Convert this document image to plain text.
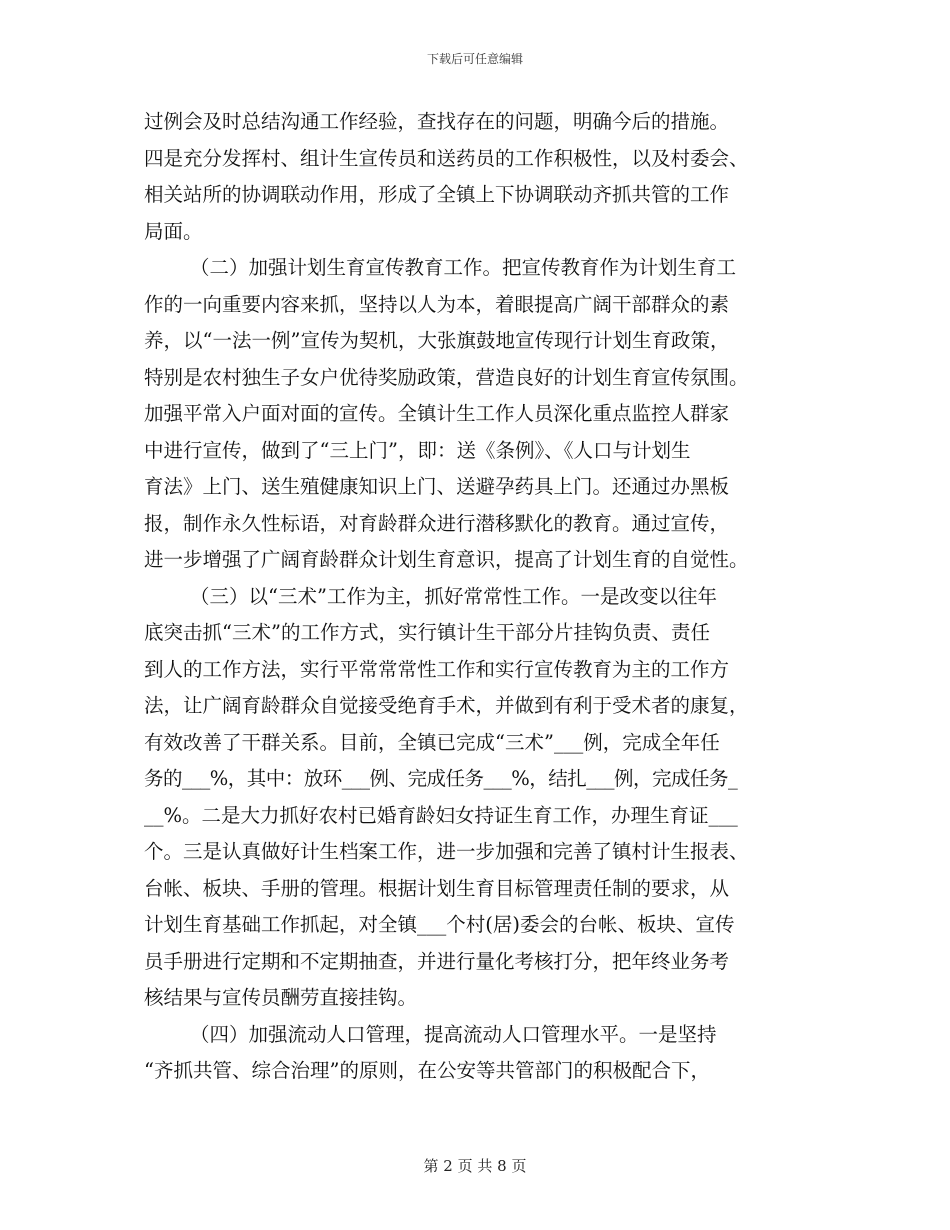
下载后可任意编辑
过例会及时总结沟通工作经验，查找存在的问题，明确今后的措施。
四是充分发挥村、组计生宣传员和送药员的工作积极性，以及村委会、
相关站所的协调联动作用，形成了全镇上下协调联动齐抓共管的工作
局面。
（二）加强计划生育宣传教育工作。把宣传教育作为计划生育工
作的一向重要内容来抓，坚持以人为本，着眼提高广阔干部群众的素
养，以“一法一例”宣传为契机，大张旗鼓地宣传现行计划生育政策，
特别是农村独生子女户优待奖励政策，营造良好的计划生育宣传氛围。
加强平常入户面对面的宣传。全镇计生工作人员深化重点监控人群家
中进行宣传，做到了“三上门”，即：送《条例》、《人口与计划生
育法》上门、送生殖健康知识上门、送避孕药具上门。还通过办黑板
报，制作永久性标语，对育龄群众进行潜移默化的教育。通过宣传，
进一步增强了广阔育龄群众计划生育意识，提高了计划生育的自觉性。
（三）以“三术”工作为主，抓好常常性工作。一是改变以往年
底突击抓“三术”的工作方式，实行镇计生干部分片挂钩负责、责任
到人的工作方法，实行平常常常性工作和实行宣传教育为主的工作方
法，让广阔育龄群众自觉接受绝育手术，并做到有利于受术者的康复，
有效改善了干群关系。目前，全镇已完成“三术”___例，完成全年任
务的___%，其中：放环___例、完成任务___%，结扎___例，完成任务_
__%。二是大力抓好农村已婚育龄妇女持证生育工作，办理生育证___
个。三是认真做好计生档案工作，进一步加强和完善了镇村计生报表、
台帐、板块、手册的管理。根据计划生育目标管理责任制的要求，从
计划生育基础工作抓起，对全镇___个村(居)委会的台帐、板块、宣传
员手册进行定期和不定期抽查，并进行量化考核打分，把年终业务考
核结果与宣传员酬劳直接挂钩。
（四）加强流动人口管理，提高流动人口管理水平。一是坚持
“齐抓共管、综合治理”的原则，在公安等共管部门的积极配合下，
第 2 页 共 8 页
